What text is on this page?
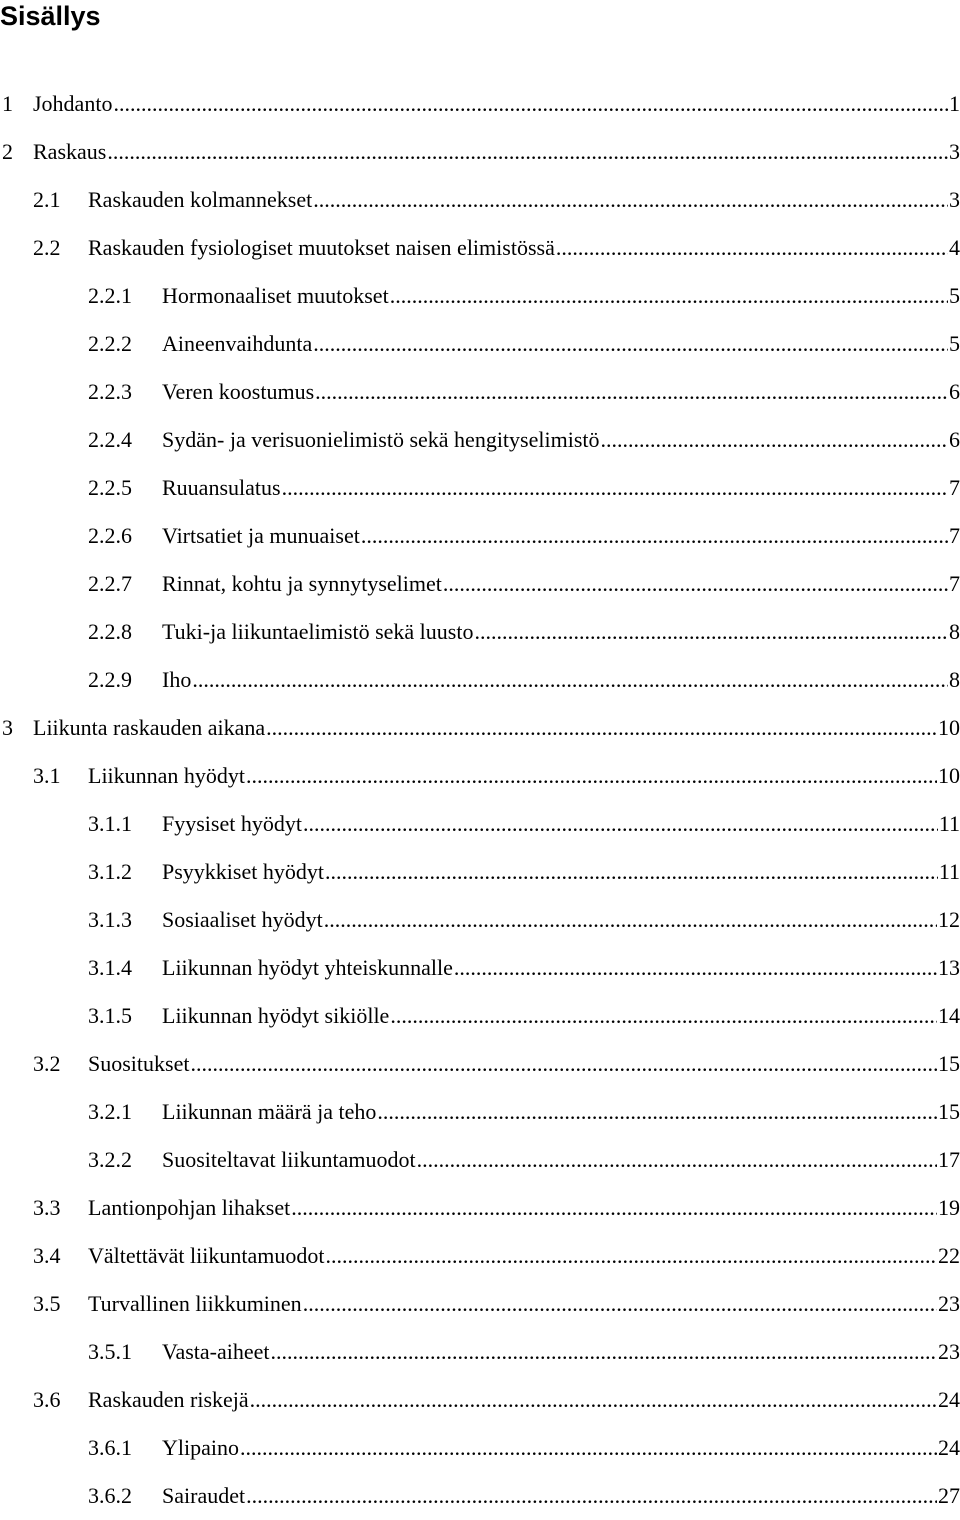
Sisällys
1 Johdanto .....	1
2 Raskaus .....	3
2.1	Raskauden kolmannekset .....	3
2.2	Raskauden fysiologiset muutokset naisen elimistössä .....	4
2.2.1	Hormonaaliset muutokset .....	5
2.2.2	Aineenvaihdunta .....	5
2.2.3	Veren koostumus .....	6
2.2.4	Sydän- ja verisuonielimistö sekä hengityselimistö .....	6
2.2.5	Ruuansulatus .....	7
2.2.6	Virtsatiet ja munuaiset .....	7
2.2.7	Rinnat, kohtu ja synnytyselimet .....	7
2.2.8	Tuki-ja liikuntaelimistö sekä luusto .....	8
2.2.9	Iho .....	8
3 Liikunta raskauden aikana .....	10
3.1	Liikunnan hyödyt .....	10
3.1.1	Fyysiset hyödyt .....	11
3.1.2	Psyykkiset hyödyt .....	11
3.1.3	Sosiaaliset hyödyt .....	12
3.1.4	Liikunnan hyödyt yhteiskunnalle .....	13
3.1.5	Liikunnan hyödyt sikiölle .....	14
3.2	Suositukset .....	15
3.2.1	Liikunnan määrä ja teho .....	15
3.2.2	Suositeltavat liikuntamuodot .....	17
3.3	Lantionpohjan lihakset .....	19
3.4	Vältettävät liikuntamuodot .....	22
3.5	Turvallinen liikkuminen .....	23
3.5.1	Vasta-aiheet .....	23
3.6	Raskauden riskejä .....	24
3.6.1	Ylipaino .....	24
3.6.2	Sairaudet .....	27
